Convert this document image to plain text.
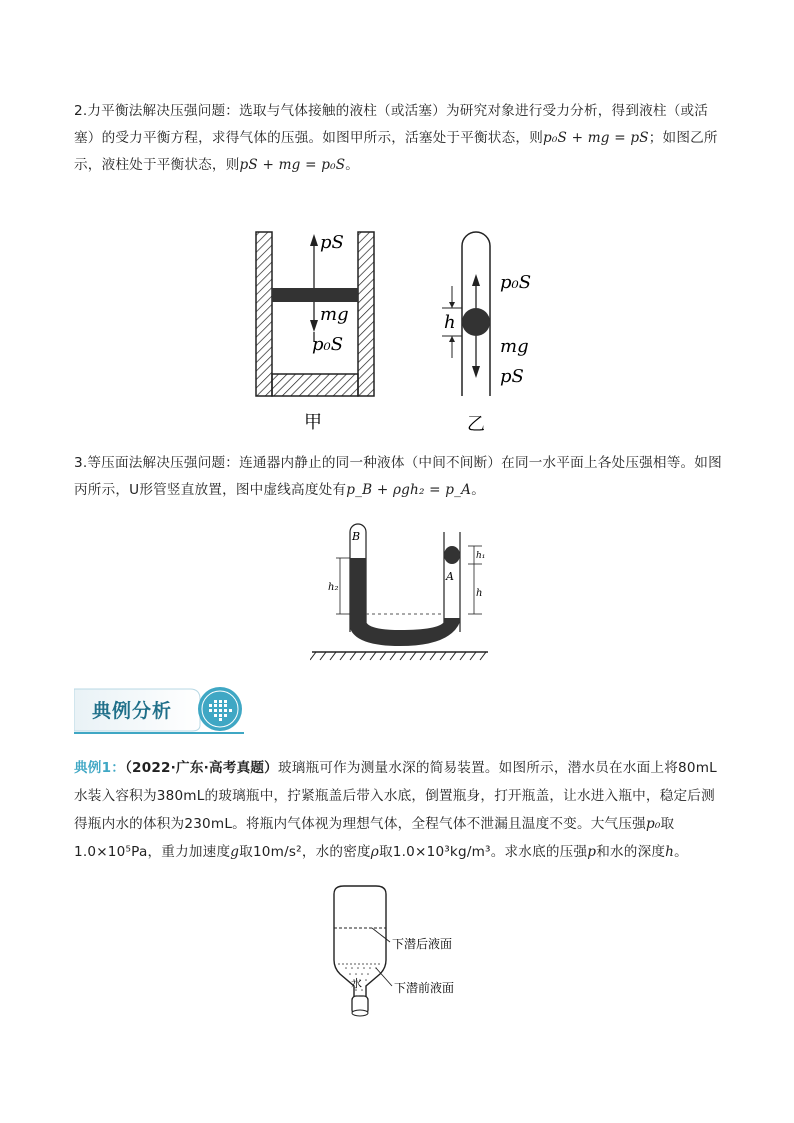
2.力平衡法解决压强问题：选取与气体接触的液柱（或活塞）为研究对象进行受力分析，得到液柱（或活塞）的受力平衡方程，求得气体的压强。如图甲所示，活塞处于平衡状态，则p₀S + mg = pS；如图乙所示，液柱处于平衡状态，则pS + mg = p₀S。
pS
mg
p₀S
甲
h
p₀S
mg
pS
乙
3.等压面法解决压强问题：连通器内静止的同一种液体（中间不间断）在同一水平面上各处压强相等。如图丙所示，U形管竖直放置，图中虚线高度处有p_B + ρgh₂ = p_A。
B
A
h₂
h₁
h
典例分析
典例1：（2022·广东·高考真题）玻璃瓶可作为测量水深的简易装置。如图所示，潜水员在水面上将80mL水装入容积为380mL的玻璃瓶中，拧紧瓶盖后带入水底，倒置瓶身，打开瓶盖，让水进入瓶中，稳定后测得瓶内水的体积为230mL。将瓶内气体视为理想气体，全程气体不泄漏且温度不变。大气压强p₀取1.0×10⁵Pa，重力加速度g取10m/s²，水的密度ρ取1.0×10³kg/m³。求水底的压强p和水的深度h。
水
下潜后液面
下潜前液面
